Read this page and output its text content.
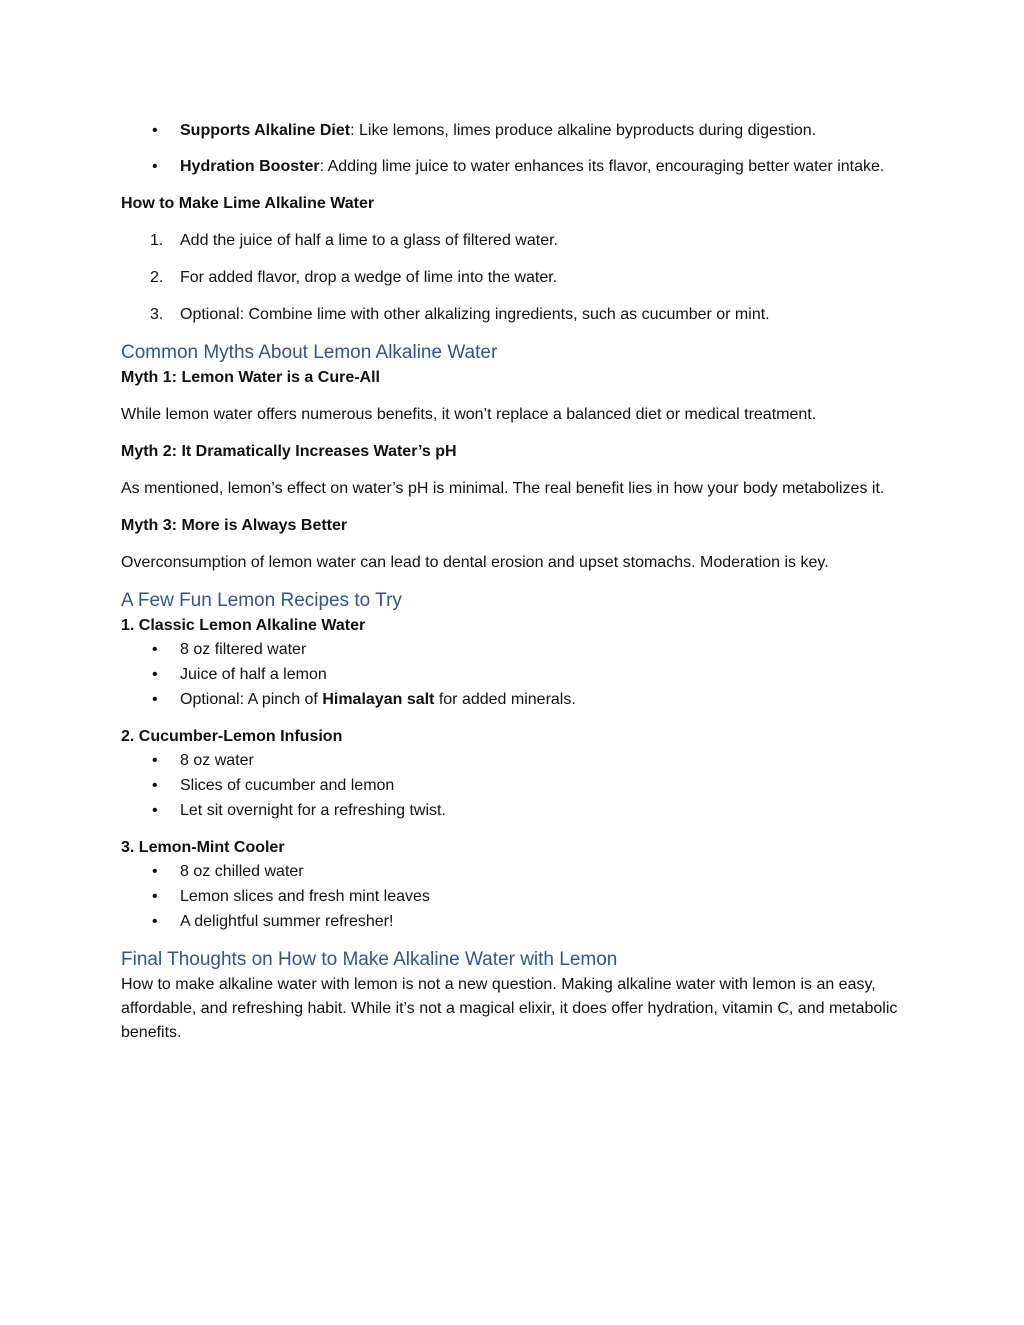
• Supports Alkaline Diet: Like lemons, limes produce alkaline byproducts during digestion.
• Hydration Booster: Adding lime juice to water enhances its flavor, encouraging better water intake.
How to Make Lime Alkaline Water
1.	Add the juice of half a lime to a glass of filtered water.
2.	For added flavor, drop a wedge of lime into the water.
3.	Optional: Combine lime with other alkalizing ingredients, such as cucumber or mint.
Common Myths About Lemon Alkaline Water
Myth 1: Lemon Water is a Cure-All
While lemon water offers numerous benefits, it won’t replace a balanced diet or medical treatment.
Myth 2: It Dramatically Increases Water’s pH
As mentioned, lemon’s effect on water’s pH is minimal. The real benefit lies in how your body metabolizes it.
Myth 3: More is Always Better
Overconsumption of lemon water can lead to dental erosion and upset stomachs. Moderation is key.
A Few Fun Lemon Recipes to Try
1. Classic Lemon Alkaline Water
• 8 oz filtered water
• Juice of half a lemon
• Optional: A pinch of Himalayan salt for added minerals.
2. Cucumber-Lemon Infusion
• 8 oz water
• Slices of cucumber and lemon
• Let sit overnight for a refreshing twist.
3. Lemon-Mint Cooler
• 8 oz chilled water
• Lemon slices and fresh mint leaves
• A delightful summer refresher!
Final Thoughts on How to Make Alkaline Water with Lemon
How to make alkaline water with lemon is not a new question. Making alkaline water with lemon is an easy, affordable, and refreshing habit. While it’s not a magical elixir, it does offer hydration, vitamin C, and metabolic benefits.
